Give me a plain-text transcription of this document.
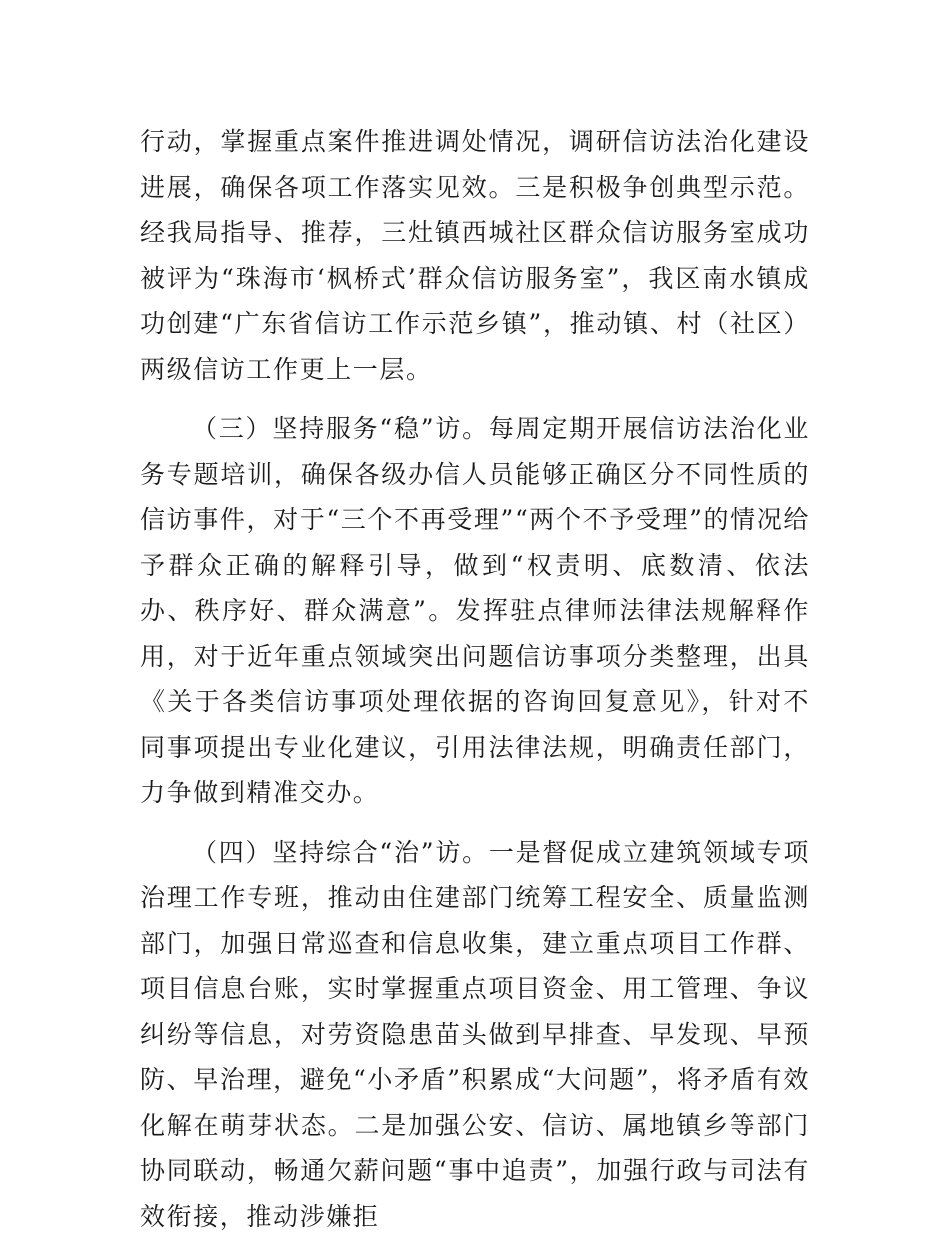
行动，掌握重点案件推进调处情况，调研信访法治化建设进展，确保各项工作落实见效。三是积极争创典型示范。经我局指导、推荐，三灶镇西城社区群众信访服务室成功被评为“珠海市‘枫桥式’群众信访服务室”，我区南水镇成功创建“广东省信访工作示范乡镇”，推动镇、村（社区）两级信访工作更上一层。

（三）坚持服务“稳”访。每周定期开展信访法治化业务专题培训，确保各级办信人员能够正确区分不同性质的信访事件，对于“三个不再受理”“两个不予受理”的情况给予群众正确的解释引导，做到“权责明、底数清、依法办、秩序好、群众满意”。发挥驻点律师法律法规解释作用，对于近年重点领域突出问题信访事项分类整理，出具《关于各类信访事项处理依据的咨询回复意见》，针对不同事项提出专业化建议，引用法律法规，明确责任部门，力争做到精准交办。

（四）坚持综合“治”访。一是督促成立建筑领域专项治理工作专班，推动由住建部门统筹工程安全、质量监测部门，加强日常巡查和信息收集，建立重点项目工作群、项目信息台账，实时掌握重点项目资金、用工管理、争议纠纷等信息，对劳资隐患苗头做到早排查、早发现、早预防、早治理，避免“小矛盾”积累成“大问题”，将矛盾有效化解在萌芽状态。二是加强公安、信访、属地镇乡等部门协同联动，畅通欠薪问题“事中追责”，加强行政与司法有效衔接，推动涉嫌拒
